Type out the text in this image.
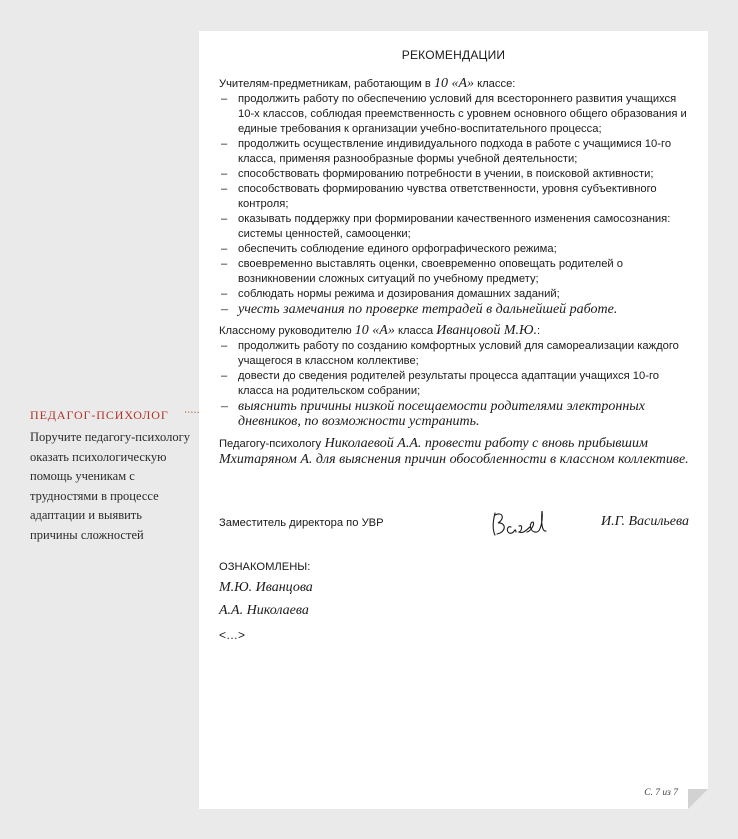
ПЕДАГОГ-ПСИХОЛОГ
Поручите педагогу-психологу оказать психологическую помощь ученикам с трудностями в процессе адаптации и выявить причины сложностей
РЕКОМЕНДАЦИИ

Учителям-предметникам, работающим в 10 «А» классе:

– продолжить работу по обеспечению условий для всестороннего развития учащихся 10-х классов, соблюдая преемственность с уровнем основного общего образования и единые требования к организации учебно-воспитательного процесса;
– продолжить осуществление индивидуального подхода в работе с учащимися 10-го класса, применяя разнообразные формы учебной деятельности;
– способствовать формированию потребности в учении, в поисковой активности;
– способствовать формированию чувства ответственности, уровня субъективного контроля;
– оказывать поддержку при формировании качественного изменения самосознания: системы ценностей, самооценки;
– обеспечить соблюдение единого орфографического режима;
– своевременно выставлять оценки, своевременно оповещать родителей о возникновении сложных ситуаций по учебному предмету;
– соблюдать нормы режима и дозирования домашних заданий;
– учесть замечания по проверке тетрадей в дальнейшей работе.

Классному руководителю 10 «А» класса Иванцовой М.Ю.:

– продолжить работу по созданию комфортных условий для самореализации каждого учащегося в классном коллективе;
– довести до сведения родителей результаты процесса адаптации учащихся 10-го класса на родительском собрании;
– выяснить причины низкой посещаемости родителями электронных дневников, по возможности устранить.
Педагогу-психологу Николаевой А.А. провести работу с вновь прибывшим Мхитаряном А. для выяснения причин обособленности в классном коллективе.
Заместитель директора по УВР	И.Г. Васильева
ОЗНАКОМЛЕНЫ:
М.Ю. Иванцова
А.А. Николаева
<…>
С. 7 из 7
